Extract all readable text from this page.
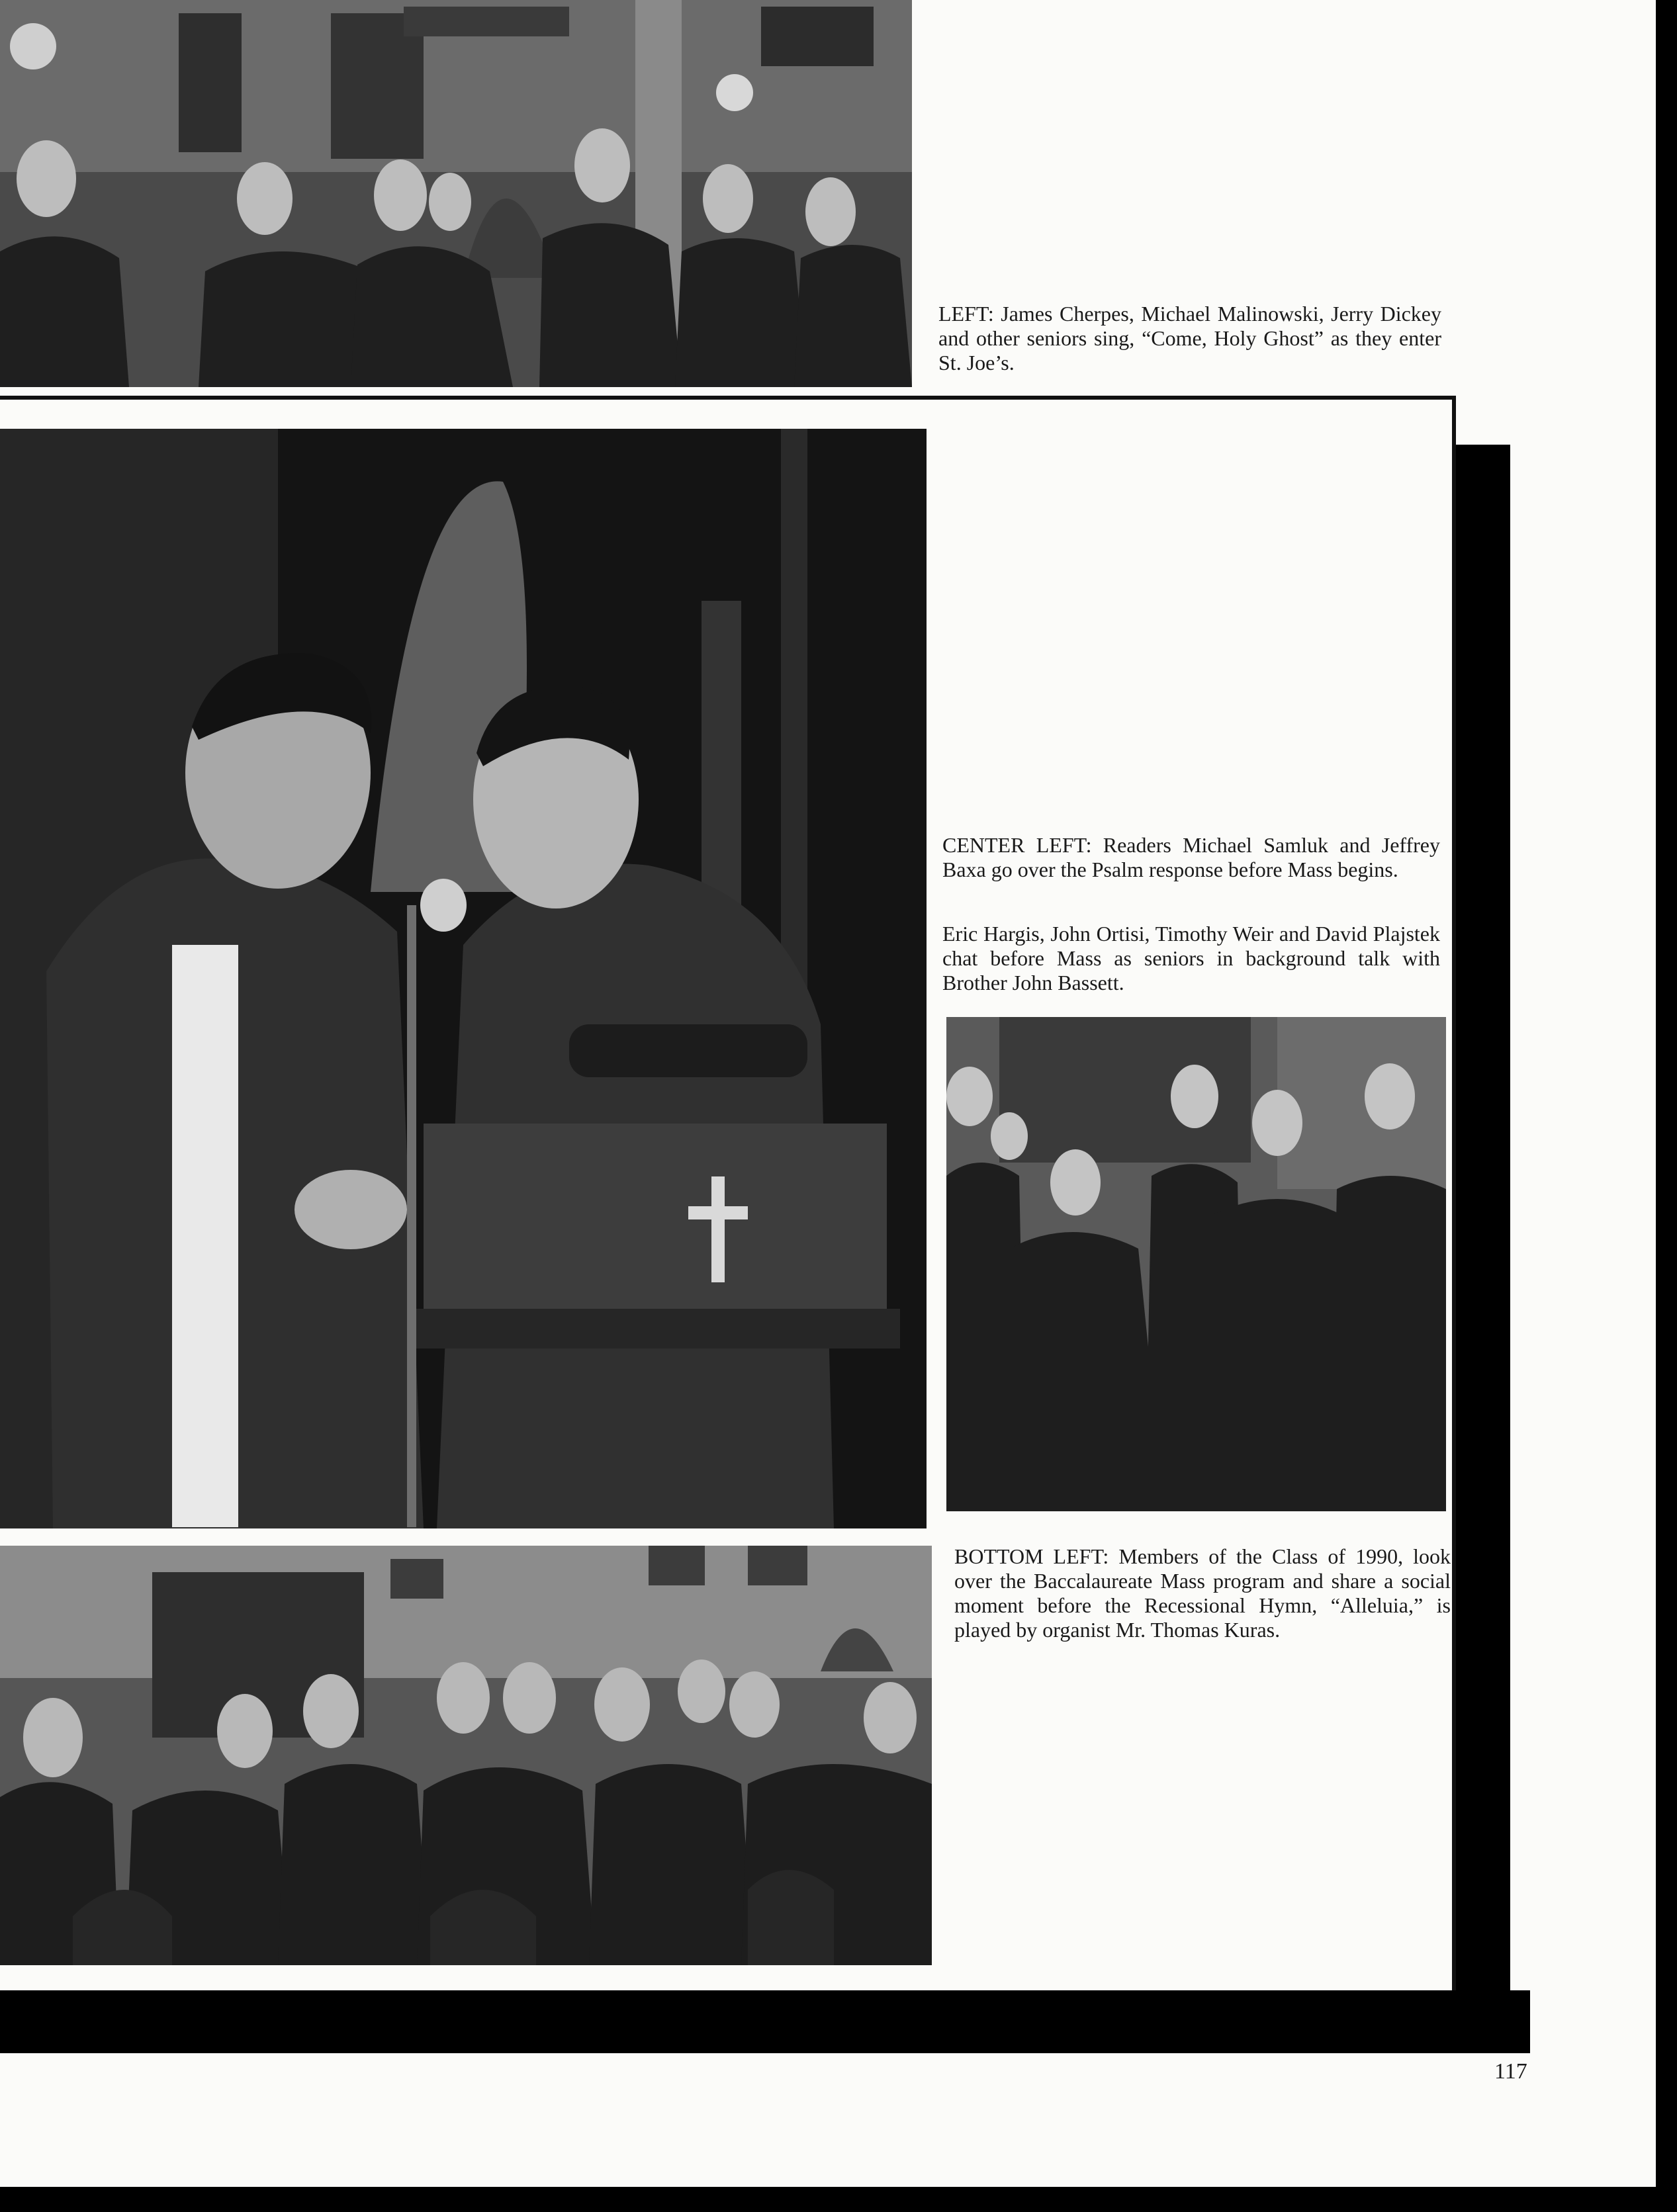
LEFT: James Cherpes, Michael Malinowski, Jerry Dickey and other seniors sing, “Come, Holy Ghost” as they enter St. Joe’s.

CENTER LEFT: Readers Michael Samluk and Jeffrey Baxa go over the Psalm response before Mass begins.

Eric Hargis, John Ortisi, Timothy Weir and David Plajstek chat before Mass as seniors in background talk with Brother John Bassett.

BOTTOM LEFT: Members of the Class of 1990, look over the Baccalaureate Mass program and share a social moment before the Recessional Hymn, “Alleluia,” is played by organist Mr. Thomas Kuras.

117
